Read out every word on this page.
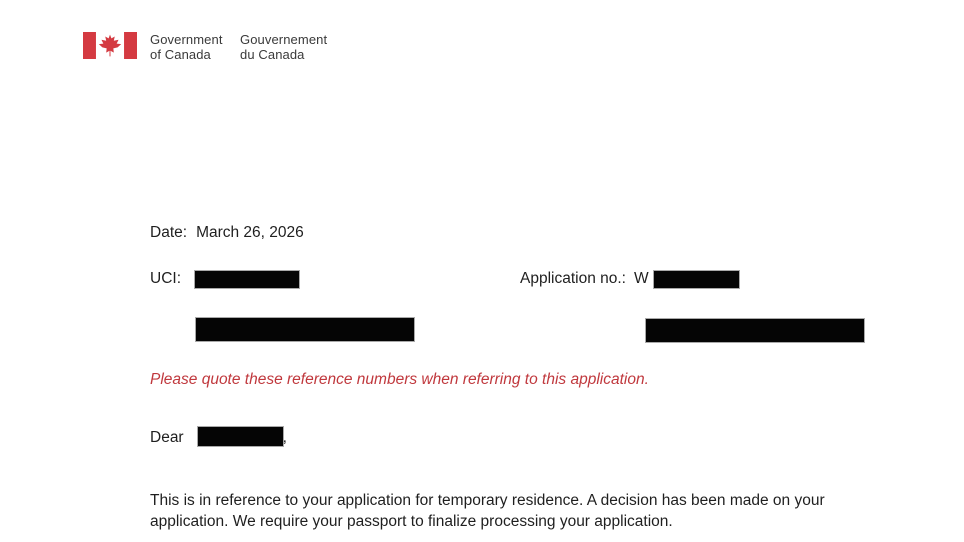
Government
of Canada
Gouvernement
du Canada
Date: March 26, 2026
UCI:	Application no.: W
Please quote these reference numbers when referring to this application.
Dear	,

This is in reference to your application for temporary residence. A decision has been made on your application. We require your passport to finalize processing your application.
